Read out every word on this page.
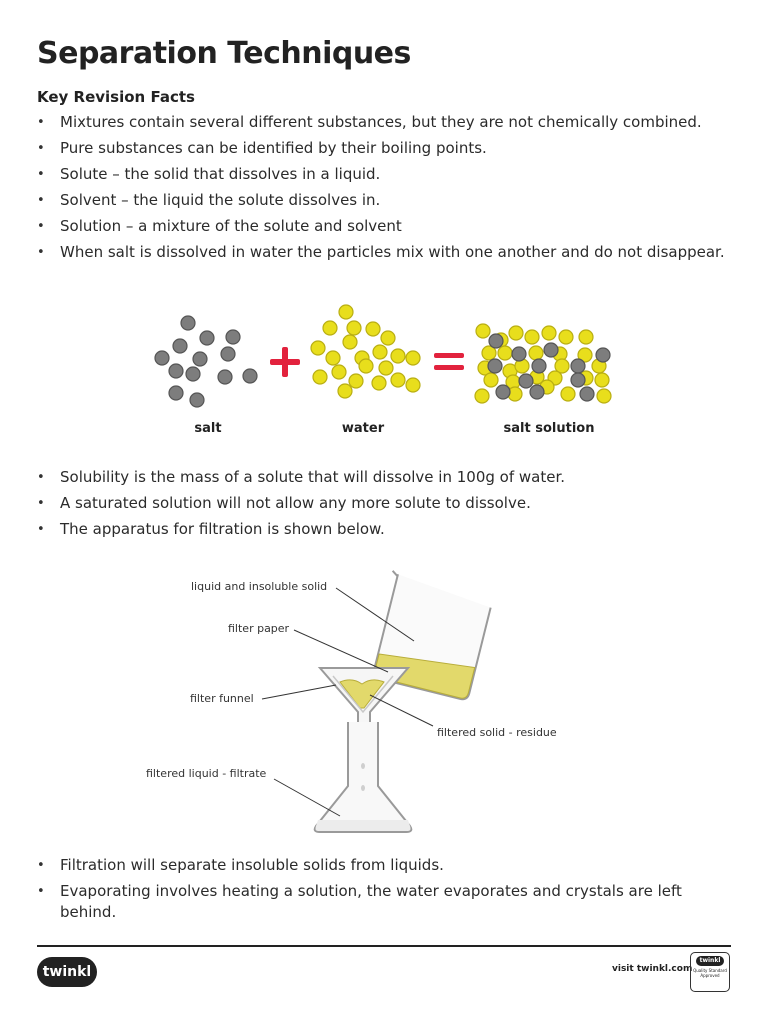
Separation Techniques
Key Revision Facts
• Mixtures contain several different substances, but they are not chemically combined.
• Pure substances can be identified by their boiling points.
• Solute – the solid that dissolves in a liquid.
• Solvent – the liquid the solute dissolves in.
• Solution – a mixture of the solute and solvent
• When salt is dissolved in water the particles mix with one another and do not disappear.
salt	water	salt solution
• Solubility is the mass of a solute that will dissolve in 100g of water.
• A saturated solution will not allow any more solute to dissolve.
• The apparatus for filtration is shown below.
liquid and insoluble solid
filter paper
filter funnel
filtered solid - residue
filtered liquid - filtrate
• Filtration will separate insoluble solids from liquids.
• Evaporating involves heating a solution, the water evaporates and crystals are left behind.
twinkl	visit twinkl.com
twinkl
Quality Standard Approved
